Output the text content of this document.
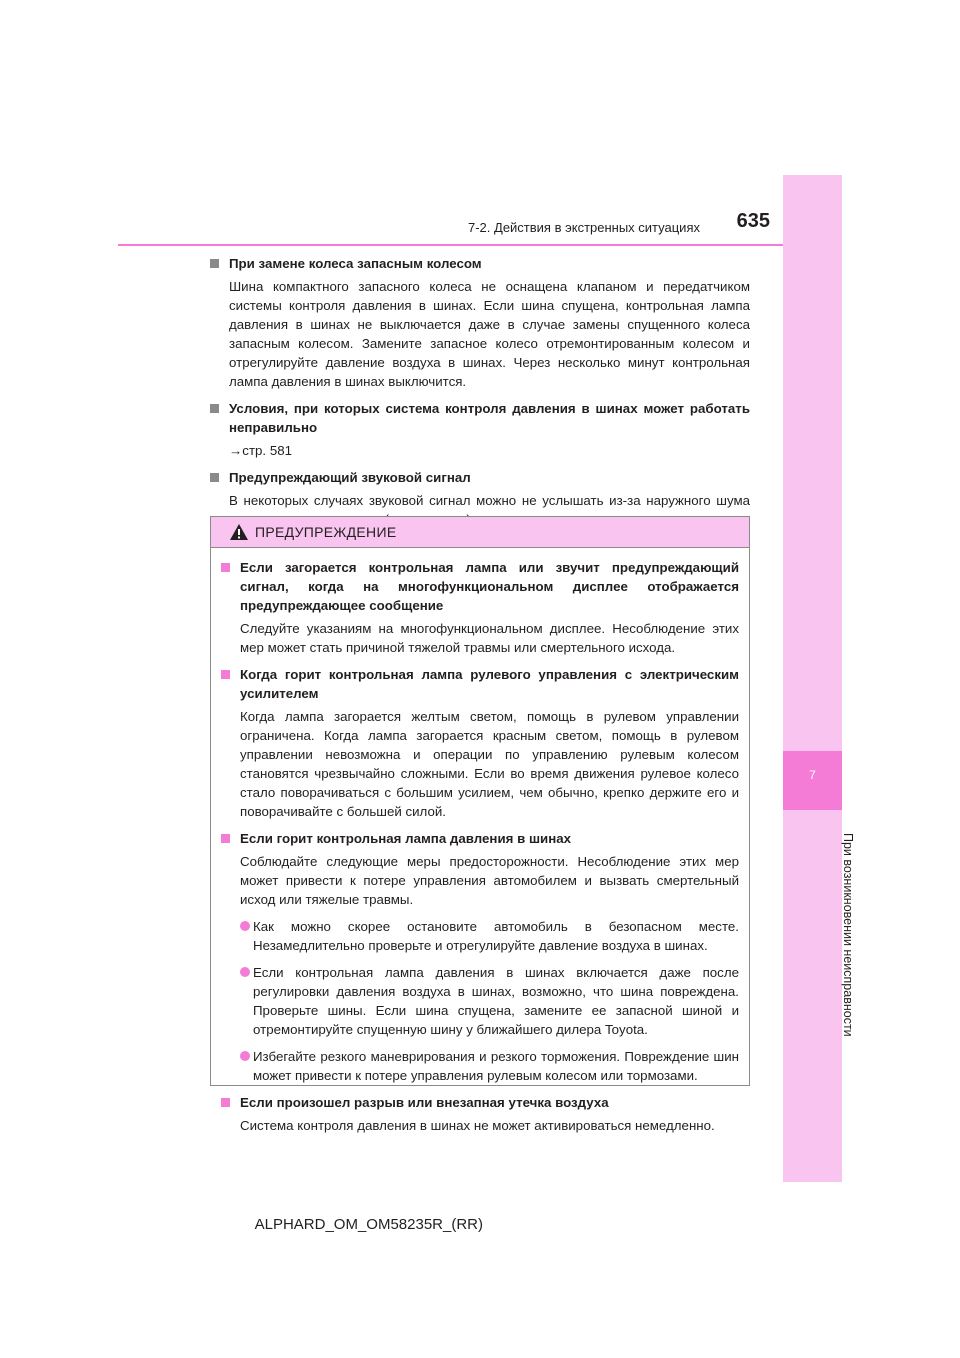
7
При возникновении неисправности
7-2. Действия в экстренных ситуациях	635
При замене колеса запасным колесом
Шина компактного запасного колеса не оснащена клапаном и передатчиком системы контроля давления в шинах. Если шина спущена, контрольная лампа давления в шинах не выключается даже в случае замены спущенного колеса запасным колесом. Замените запасное колесо отремонтированным колесом и отрегулируйте давление воздуха в шинах. Через несколько минут контрольная лампа давления в шинах выключится.
Условия, при которых система контроля давления в шинах может работать неправильно
→стр. 581
Предупреждающий звуковой сигнал
В некоторых случаях звуковой сигнал можно не услышать из-за наружного шума
ПРЕДУПРЕЖДЕНИЕ
Если загорается контрольная лампа или звучит предупреждающий сигнал, когда на многофункциональном дисплее отображается предупреждающее сообщение
Следуйте указаниям на многофункциональном дисплее. Несоблюдение этих мер может стать причиной тяжелой травмы или смертельного исхода.
Когда горит контрольная лампа рулевого управления с электрическим усилителем
Когда лампа загорается желтым светом, помощь в рулевом управлении ограничена. Когда лампа загорается красным светом, помощь в рулевом управлении невозможна и операции по управлению рулевым колесом становятся чрезвычайно сложными. Если во время движения рулевое колесо стало поворачиваться с большим усилием, чем обычно, крепко держите его и поворачивайте с большей силой.
Если горит контрольная лампа давления в шинах
Соблюдайте следующие меры предосторожности. Несоблюдение этих мер может привести к потере управления автомобилем и вызвать смертельный исход или тяжелые травмы.
Как можно скорее остановите автомобиль в безопасном месте. Незамедлительно проверьте и отрегулируйте давление воздуха в шинах.
Если контрольная лампа давления в шинах включается даже после регулировки давления воздуха в шинах, возможно, что шина повреждена. Проверьте шины. Если шина спущена, замените ее запасной шиной и отремонтируйте спущенную шину у ближайшего дилера Toyota.
Избегайте резкого маневрирования и резкого торможения. Повреждение шин может привести к потере управления рулевым колесом или тормозами.
Если произошел разрыв или внезапная утечка воздуха
Система контроля давления в шинах не может активироваться немедленно.
ALPHARD_OM_OM58235R_(RR)
